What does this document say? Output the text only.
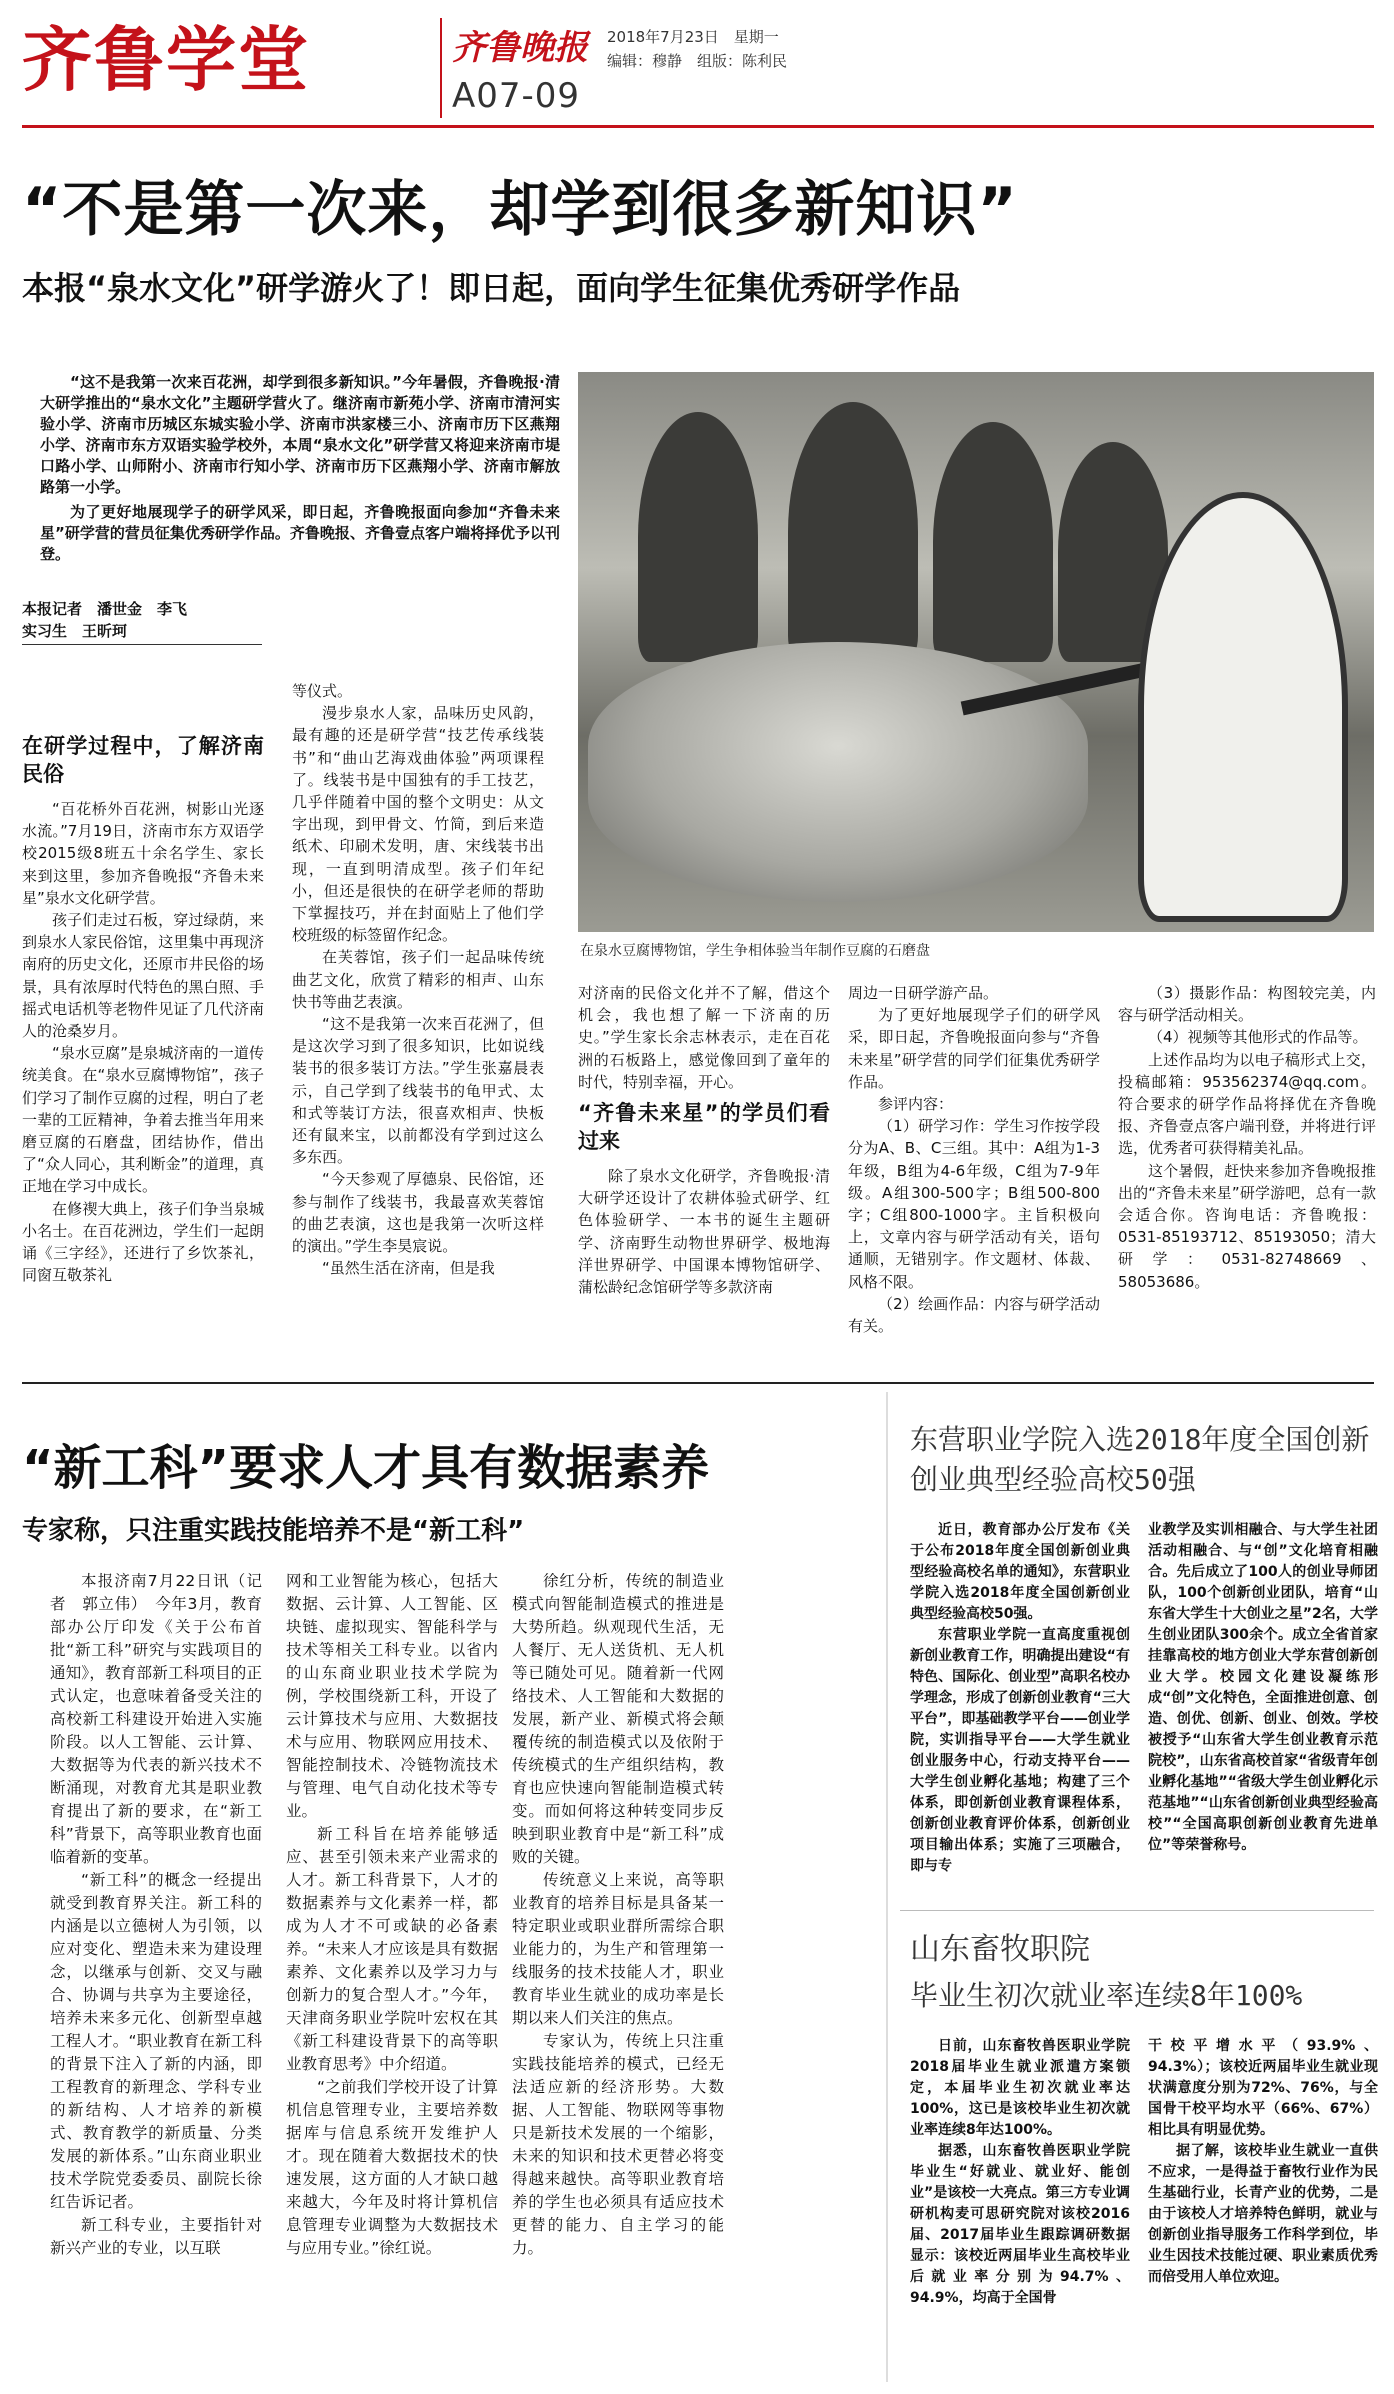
齐鲁学堂	齐鲁晚报 2018年7月23日　星期一
编辑：穆静　组版：陈利民
A07-09
“不是第一次来，却学到很多新知识”
本报“泉水文化”研学游火了！即日起，面向学生征集优秀研学作品

“这不是我第一次来百花洲，却学到很多新知识。”今年暑假，齐鲁晚报·清大研学推出的“泉水文化”主题研学营火了。继济南市新苑小学、济南市清河实验小学、济南市历城区东城实验小学、济南市洪家楼三小、济南市历下区燕翔小学、济南市东方双语实验学校外，本周“泉水文化”研学营又将迎来济南市堤口路小学、山师附小、济南市行知小学、济南市历下区燕翔小学、济南市解放路第一小学。

为了更好地展现学子的研学风采，即日起，齐鲁晚报面向参加“齐鲁未来星”研学营的营员征集优秀研学作品。齐鲁晚报、齐鲁壹点客户端将择优予以刊登。

在泉水豆腐博物馆，学生争相体验当年制作豆腐的石磨盘
本报记者　潘世金　李飞
实习生　王昕珂
在研学过程中，了解济南民俗

“百花桥外百花洲，树影山光逐水流。”7月19日，济南市东方双语学校2015级8班五十余名学生、家长来到这里，参加齐鲁晚报“齐鲁未来星”泉水文化研学营。

孩子们走过石板，穿过绿荫，来到泉水人家民俗馆，这里集中再现济南府的历史文化，还原市井民俗的场景，具有浓厚时代特色的黑白照、手摇式电话机等老物件见证了几代济南人的沧桑岁月。

“泉水豆腐”是泉城济南的一道传统美食。在“泉水豆腐博物馆”，孩子们学习了制作豆腐的过程，明白了老一辈的工匠精神，争着去推当年用来磨豆腐的石磨盘，团结协作，借出了“众人同心，其利断金”的道理，真正地在学习中成长。

在修禊大典上，孩子们争当泉城小名士。在百花洲边，学生们一起朗诵《三字经》，还进行了乡饮茶礼，同窗互敬茶礼

等仪式。

漫步泉水人家，品味历史风韵，最有趣的还是研学营“技艺传承线装书”和“曲山艺海戏曲体验”两项课程了。线装书是中国独有的手工技艺，几乎伴随着中国的整个文明史：从文字出现，到甲骨文、竹简，到后来造纸术、印刷术发明，唐、宋线装书出现，一直到明清成型。孩子们年纪小，但还是很快的在研学老师的帮助下掌握技巧，并在封面贴上了他们学校班级的标签留作纪念。

在芙蓉馆，孩子们一起品味传统曲艺文化，欣赏了精彩的相声、山东快书等曲艺表演。

“这不是我第一次来百花洲了，但是这次学习到了很多知识，比如说线装书的很多装订方法。”学生张嘉晨表示，自己学到了线装书的龟甲式、太和式等装订方法，很喜欢相声、快板还有鼠来宝，以前都没有学到过这么多东西。

“今天参观了厚德泉、民俗馆，还参与制作了线装书，我最喜欢芙蓉馆的曲艺表演，这也是我第一次听这样的演出。”学生李昊宸说。

“虽然生活在济南，但是我

对济南的民俗文化并不了解，借这个机会，我也想了解一下济南的历史。”学生家长余志林表示，走在百花洲的石板路上，感觉像回到了童年的时代，特别幸福，开心。

“齐鲁未来星”的学员们看过来

除了泉水文化研学，齐鲁晚报·清大研学还设计了农耕体验式研学、红色体验研学、一本书的诞生主题研学、济南野生动物世界研学、极地海洋世界研学、中国课本博物馆研学、蒲松龄纪念馆研学等多款济南

周边一日研学游产品。

为了更好地展现学子们的研学风采，即日起，齐鲁晚报面向参与“齐鲁未来星”研学营的同学们征集优秀研学作品。

参评内容：

（1）研学习作：学生习作按学段分为A、B、C三组。其中：A组为1-3年级，B组为4-6年级，C组为7-9年级。A组300-500字；B组500-800字；C组800-1000字。主旨积极向上，文章内容与研学活动有关，语句通顺，无错别字。作文题材、体裁、风格不限。

（2）绘画作品：内容与研学活动有关。

（3）摄影作品：构图较完美，内容与研学活动相关。

（4）视频等其他形式的作品等。

上述作品均为以电子稿形式上交，投稿邮箱：953562374@qq.com。符合要求的研学作品将择优在齐鲁晚报、齐鲁壹点客户端刊登，并将进行评选，优秀者可获得精美礼品。

这个暑假，赶快来参加齐鲁晚报推出的“齐鲁未来星”研学游吧，总有一款会适合你。咨询电话：齐鲁晚报：0531-85193712、85193050；清大研学：0531-82748669、58053686。

“新工科”要求人才具有数据素养
专家称，只注重实践技能培养不是“新工科”

本报济南7月22日讯（记者　郭立伟）　今年3月，教育部办公厅印发《关于公布首批“新工科”研究与实践项目的通知》，教育部新工科项目的正式认定，也意味着备受关注的高校新工科建设开始进入实施阶段。以人工智能、云计算、大数据等为代表的新兴技术不断涌现，对教育尤其是职业教育提出了新的要求，在“新工科”背景下，高等职业教育也面临着新的变革。

“新工科”的概念一经提出就受到教育界关注。新工科的内涵是以立德树人为引领，以应对变化、塑造未来为建设理念，以继承与创新、交叉与融合、协调与共享为主要途径，培养未来多元化、创新型卓越工程人才。“职业教育在新工科的背景下注入了新的内涵，即工程教育的新理念、学科专业的新结构、人才培养的新模式、教育教学的新质量、分类发展的新体系。”山东商业职业技术学院党委委员、副院长徐红告诉记者。

新工科专业，主要指针对新兴产业的专业，以互联

网和工业智能为核心，包括大数据、云计算、人工智能、区块链、虚拟现实、智能科学与技术等相关工科专业。以省内的山东商业职业技术学院为例，学校围绕新工科，开设了云计算技术与应用、大数据技术与应用、物联网应用技术、智能控制技术、冷链物流技术与管理、电气自动化技术等专业。

新工科旨在培养能够适应、甚至引领未来产业需求的人才。新工科背景下，人才的数据素养与文化素养一样，都成为人才不可或缺的必备素养。“未来人才应该是具有数据素养、文化素养以及学习力与创新力的复合型人才。”今年，天津商务职业学院叶宏权在其《新工科建设背景下的高等职业教育思考》中介绍道。

“之前我们学校开设了计算机信息管理专业，主要培养数据库与信息系统开发维护人才。现在随着大数据技术的快速发展，这方面的人才缺口越来越大，今年及时将计算机信息管理专业调整为大数据技术与应用专业。”徐红说。

徐红分析，传统的制造业模式向智能制造模式的推进是大势所趋。纵观现代生活，无人餐厅、无人送货机、无人机等已随处可见。随着新一代网络技术、人工智能和大数据的发展，新产业、新模式将会颠覆传统的制造模式以及依附于传统模式的生产组织结构，教育也应快速向智能制造模式转变。而如何将这种转变同步反映到职业教育中是“新工科”成败的关键。

传统意义上来说，高等职业教育的培养目标是具备某一特定职业或职业群所需综合职业能力的，为生产和管理第一线服务的技术技能人才，职业教育毕业生就业的成功率是长期以来人们关注的焦点。

专家认为，传统上只注重实践技能培养的模式，已经无法适应新的经济形势。大数据、人工智能、物联网等事物只是新技术发展的一个缩影，未来的知识和技术更替必将变得越来越快。高等职业教育培养的学生也必须具有适应技术更替的能力、自主学习的能力。

东营职业学院入选2018年度全国创新创业典型经验高校50强

近日，教育部办公厅发布《关于公布2018年度全国创新创业典型经验高校名单的通知》，东营职业学院入选2018年度全国创新创业典型经验高校50强。

东营职业学院一直高度重视创新创业教育工作，明确提出建设“有特色、国际化、创业型”高职名校办学理念，形成了创新创业教育“三大平台”，即基础教学平台——创业学院，实训指导平台——大学生就业创业服务中心，行动支持平台——大学生创业孵化基地；构建了三个体系，即创新创业教育课程体系，创新创业教育评价体系，创新创业项目输出体系；实施了三项融合，即与专

业教学及实训相融合、与大学生社团活动相融合、与“创”文化培育相融合。先后成立了100人的创业导师团队，100个创新创业团队，培育“山东省大学生十大创业之星”2名，大学生创业团队300余个。成立全省首家挂靠高校的地方创业大学东营创新创业大学。校园文化建设凝练形成“创”文化特色，全面推进创意、创造、创优、创新、创业、创效。学校被授予“山东省大学生创业教育示范院校”，山东省高校首家“省级青年创业孵化基地”“省级大学生创业孵化示范基地”“山东省创新创业典型经验高校”“全国高职创新创业教育先进单位”等荣誉称号。

山东畜牧职院
毕业生初次就业率连续8年100%

日前，山东畜牧兽医职业学院2018届毕业生就业派遣方案锁定，本届毕业生初次就业率达100%，这已是该校毕业生初次就业率连续8年达100%。

据悉，山东畜牧兽医职业学院毕业生“好就业、就业好、能创业”是该校一大亮点。第三方专业调研机构麦可思研究院对该校2016届、2017届毕业生跟踪调研数据显示：该校近两届毕业生高校毕业后就业率分别为94.7%、94.9%，均高于全国骨

干校平增水平（93.9%、94.3%）；该校近两届毕业生就业现状满意度分别为72%、76%，与全国骨干校平均水平（66%、67%）相比具有明显优势。

据了解，该校毕业生就业一直供不应求，一是得益于畜牧行业作为民生基础行业，长青产业的优势，二是由于该校人才培养特色鲜明，就业与创新创业指导服务工作科学到位，毕业生因技术技能过硬、职业素质优秀而倍受用人单位欢迎。
